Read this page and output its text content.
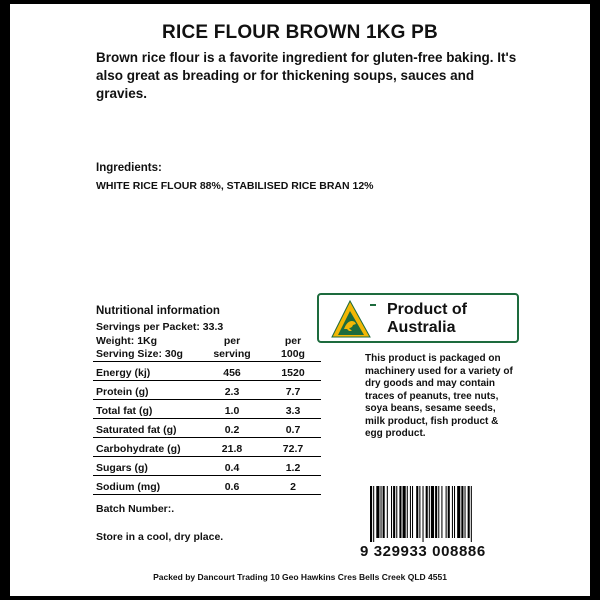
RICE FLOUR BROWN 1KG PB
Brown rice flour is a favorite ingredient for gluten-free baking. It's also great as breading or for thickening soups, sauces and gravies.
Ingredients:
WHITE RICE FLOUR 88%, STABILISED RICE BRAN 12%
Nutritional information
Servings per Packet: 33.3
Weight: 1Kg	per	per
Serving Size: 30g	serving	100g
Energy (kj)	456	1520
Protein (g)	2.3	7.7
Total fat (g)	1.0	3.3
Saturated fat (g)	0.2	0.7
Carbohydrate (g)	21.8	72.7
Sugars (g)	0.4	1.2
Sodium (mg)	0.6	2
Batch Number:.
Store in a cool, dry place.
Product of
Australia
This product is packaged on machinery used for a variety of dry goods and may contain traces of peanuts, tree nuts, soya beans, sesame seeds, milk product, fish product & egg product.
9 329933 008886
Packed by Dancourt Trading 10 Geo Hawkins Cres Bells Creek QLD 4551
